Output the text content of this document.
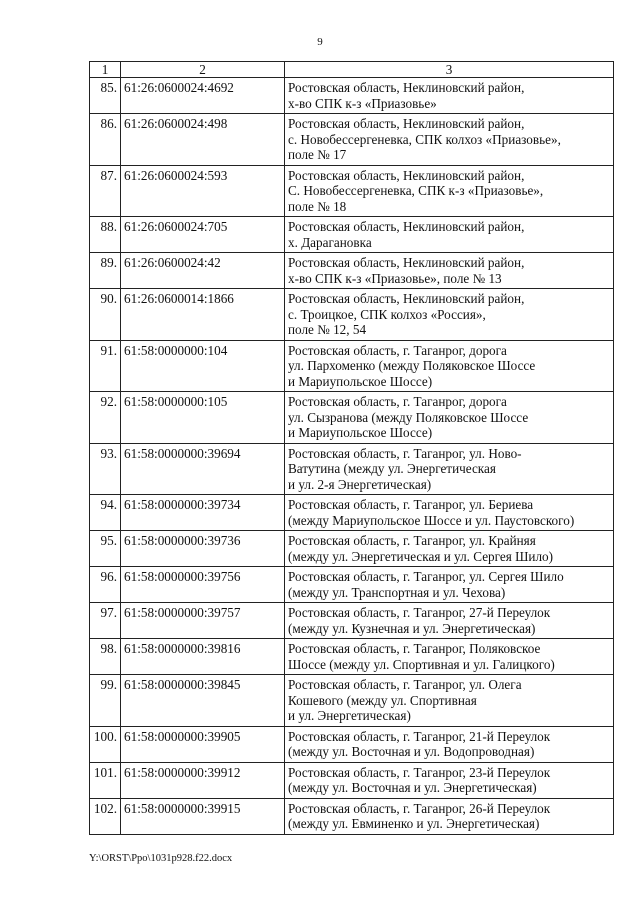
9
1	2	3
85.	61:26:0600024:4692	Ростовская область, Неклиновский район,
х-во СПК к-з «Приазовье»
86.	61:26:0600024:498	Ростовская область, Неклиновский район,
с. Новобессергеневка, СПК колхоз «Приазовье»,
поле № 17
87.	61:26:0600024:593	Ростовская область, Неклиновский район,
С. Новобессергеневка, СПК к-з «Приазовье»,
поле № 18
88.	61:26:0600024:705	Ростовская область, Неклиновский район,
х. Дарагановка
89.	61:26:0600024:42	Ростовская область, Неклиновский район,
х-во СПК к-з «Приазовье», поле № 13
90.	61:26:0600014:1866	Ростовская область, Неклиновский район,
с. Троицкое, СПК колхоз «Россия»,
поле № 12, 54
91.	61:58:0000000:104	Ростовская область, г. Таганрог, дорога
ул. Пархоменко (между Поляковское Шоссе
и Мариупольское Шоссе)
92.	61:58:0000000:105	Ростовская область, г. Таганрог, дорога
ул. Сызранова (между Поляковское Шоссе
и Мариупольское Шоссе)
93.	61:58:0000000:39694	Ростовская область, г. Таганрог, ул. Ново-
Ватутина (между ул. Энергетическая
и ул. 2-я Энергетическая)
94.	61:58:0000000:39734	Ростовская область, г. Таганрог, ул. Бериева
(между Мариупольское Шоссе и ул. Паустовского)
95.	61:58:0000000:39736	Ростовская область, г. Таганрог, ул. Крайняя
(между ул. Энергетическая и ул. Сергея Шило)
96.	61:58:0000000:39756	Ростовская область, г. Таганрог, ул. Сергея Шило
(между ул. Транспортная и ул. Чехова)
97.	61:58:0000000:39757	Ростовская область, г. Таганрог, 27-й Переулок
(между ул. Кузнечная и ул. Энергетическая)
98.	61:58:0000000:39816	Ростовская область, г. Таганрог, Поляковское
Шоссе (между ул. Спортивная и ул. Галицкого)
99.	61:58:0000000:39845	Ростовская область, г. Таганрог, ул. Олега
Кошевого (между ул. Спортивная
и ул. Энергетическая)
100.	61:58:0000000:39905	Ростовская область, г. Таганрог, 21-й Переулок
(между ул. Восточная и ул. Водопроводная)
101.	61:58:0000000:39912	Ростовская область, г. Таганрог, 23-й Переулок
(между ул. Восточная и ул. Энергетическая)
102.	61:58:0000000:39915	Ростовская область, г. Таганрог, 26-й Переулок
(между ул. Евминенко и ул. Энергетическая)
Y:\ORST\Ppo\1031p928.f22.docx
